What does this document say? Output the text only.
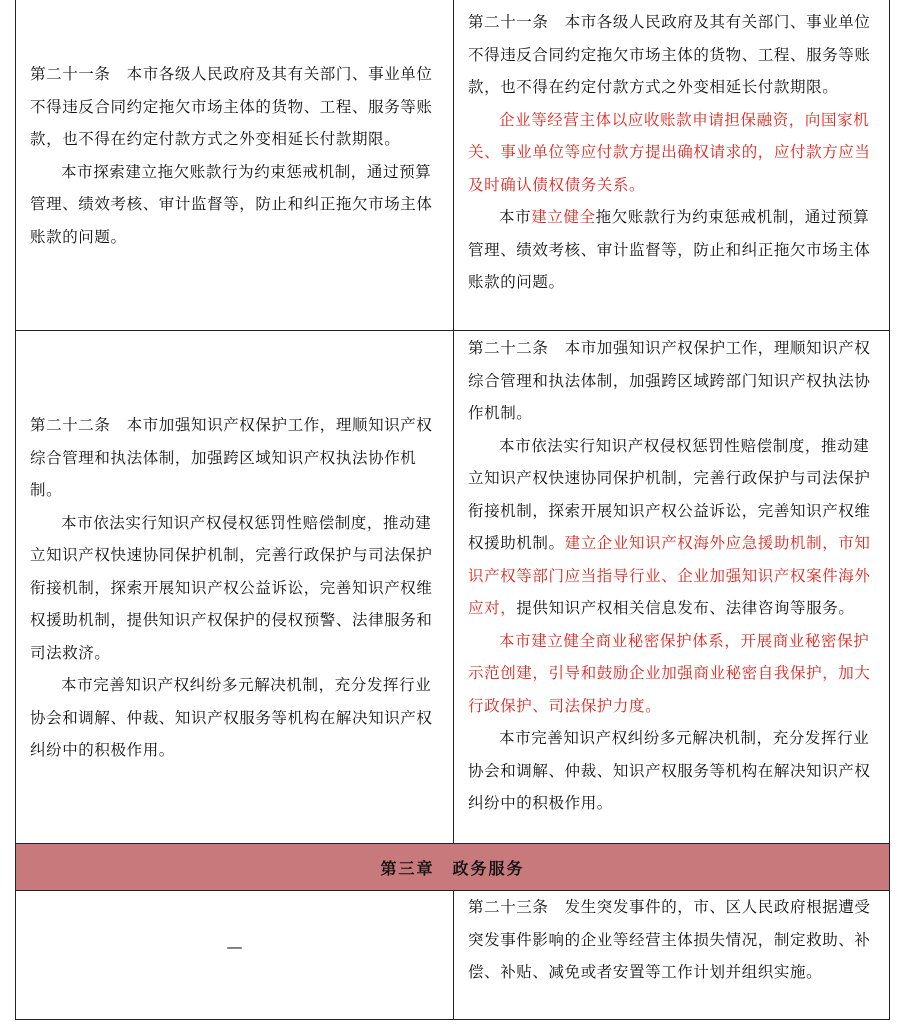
第二十一条　本市各级人民政府及其有关部门、事业单位不得违反合同约定拖欠市场主体的货物、工程、服务等账款，也不得在约定付款方式之外变相延长付款期限。

本市探索建立拖欠账款行为约束惩戒机制，通过预算管理、绩效考核、审计监督等，防止和纠正拖欠市场主体账款的问题。

第二十一条　本市各级人民政府及其有关部门、事业单位不得违反合同约定拖欠市场主体的货物、工程、服务等账款，也不得在约定付款方式之外变相延长付款期限。

企业等经营主体以应收账款申请担保融资，向国家机关、事业单位等应付款方提出确权请求的，应付款方应当及时确认债权债务关系。

本市建立健全拖欠账款行为约束惩戒机制，通过预算管理、绩效考核、审计监督等，防止和纠正拖欠市场主体账款的问题。

第二十二条　本市加强知识产权保护工作，理顺知识产权综合管理和执法体制，加强跨区域知识产权执法协作机制。

本市依法实行知识产权侵权惩罚性赔偿制度，推动建立知识产权快速协同保护机制，完善行政保护与司法保护衔接机制，探索开展知识产权公益诉讼，完善知识产权维权援助机制，提供知识产权保护的侵权预警、法律服务和司法救济。

本市完善知识产权纠纷多元解决机制，充分发挥行业协会和调解、仲裁、知识产权服务等机构在解决知识产权纠纷中的积极作用。

第二十二条　本市加强知识产权保护工作，理顺知识产权综合管理和执法体制，加强跨区域跨部门知识产权执法协作机制。

本市依法实行知识产权侵权惩罚性赔偿制度，推动建立知识产权快速协同保护机制，完善行政保护与司法保护衔接机制，探索开展知识产权公益诉讼，完善知识产权维权援助机制。建立企业知识产权海外应急援助机制，市知识产权等部门应当指导行业、企业加强知识产权案件海外应对，提供知识产权相关信息发布、法律咨询等服务。

本市建立健全商业秘密保护体系，开展商业秘密保护示范创建，引导和鼓励企业加强商业秘密自我保护，加大行政保护、司法保护力度。

本市完善知识产权纠纷多元解决机制，充分发挥行业协会和调解、仲裁、知识产权服务等机构在解决知识产权纠纷中的积极作用。

第三章　政务服务
—

第二十三条　发生突发事件的，市、区人民政府根据遭受突发事件影响的企业等经营主体损失情况，制定救助、补偿、补贴、减免或者安置等工作计划并组织实施。
